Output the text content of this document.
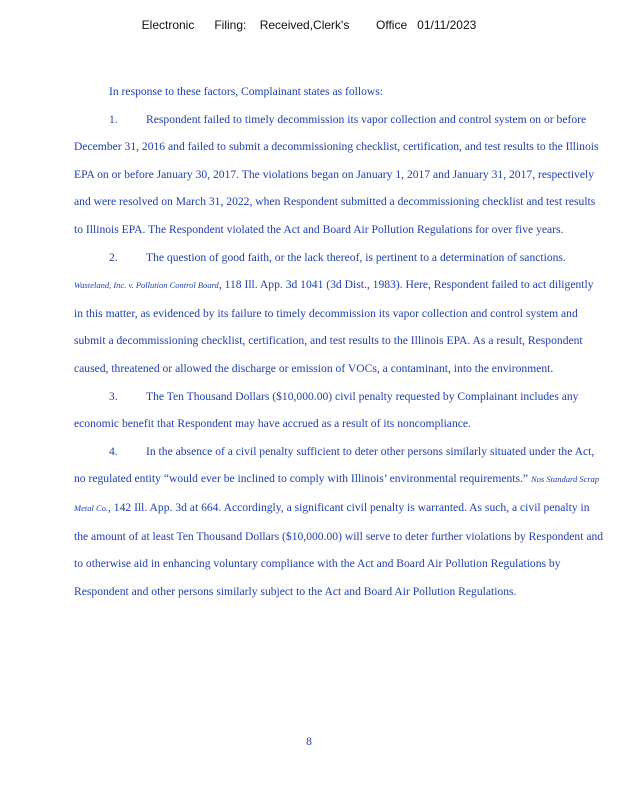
Electronic      Filing:    Received,Clerk's        Office   01/11/2023

In response to these factors, Complainant states as follows:

1. Respondent failed to timely decommission its vapor collection and control system on or before December 31, 2016 and failed to submit a decommissioning checklist, certification, and test results to the Illinois EPA on or before January 30, 2017. The violations began on January 1, 2017 and January 31, 2017, respectively and were resolved on March 31, 2022, when Respondent submitted a decommissioning checklist and test results to Illinois EPA. The Respondent violated the Act and Board Air Pollution Regulations for over five years.

2. The question of good faith, or the lack thereof, is pertinent to a determination of sanctions. Wasteland, Inc. v. Pollution Control Board, 118 Ill. App. 3d 1041 (3d Dist., 1983). Here, Respondent failed to act diligently in this matter, as evidenced by its failure to timely decommission its vapor collection and control system and submit a decommissioning checklist, certification, and test results to the Illinois EPA. As a result, Respondent caused, threatened or allowed the discharge or emission of VOCs, a contaminant, into the environment.

3. The Ten Thousand Dollars ($10,000.00) civil penalty requested by Complainant includes any economic benefit that Respondent may have accrued as a result of its noncompliance.

4. In the absence of a civil penalty sufficient to deter other persons similarly situated under the Act, no regulated entity “would ever be inclined to comply with Illinois’ environmental requirements.” Nos Standard Scrap Metal Co., 142 Ill. App. 3d at 664. Accordingly, a significant civil penalty is warranted. As such, a civil penalty in the amount of at least Ten Thousand Dollars ($10,000.00) will serve to deter further violations by Respondent and to otherwise aid in enhancing voluntary compliance with the Act and Board Air Pollution Regulations by Respondent and other persons similarly subject to the Act and Board Air Pollution Regulations.

8
